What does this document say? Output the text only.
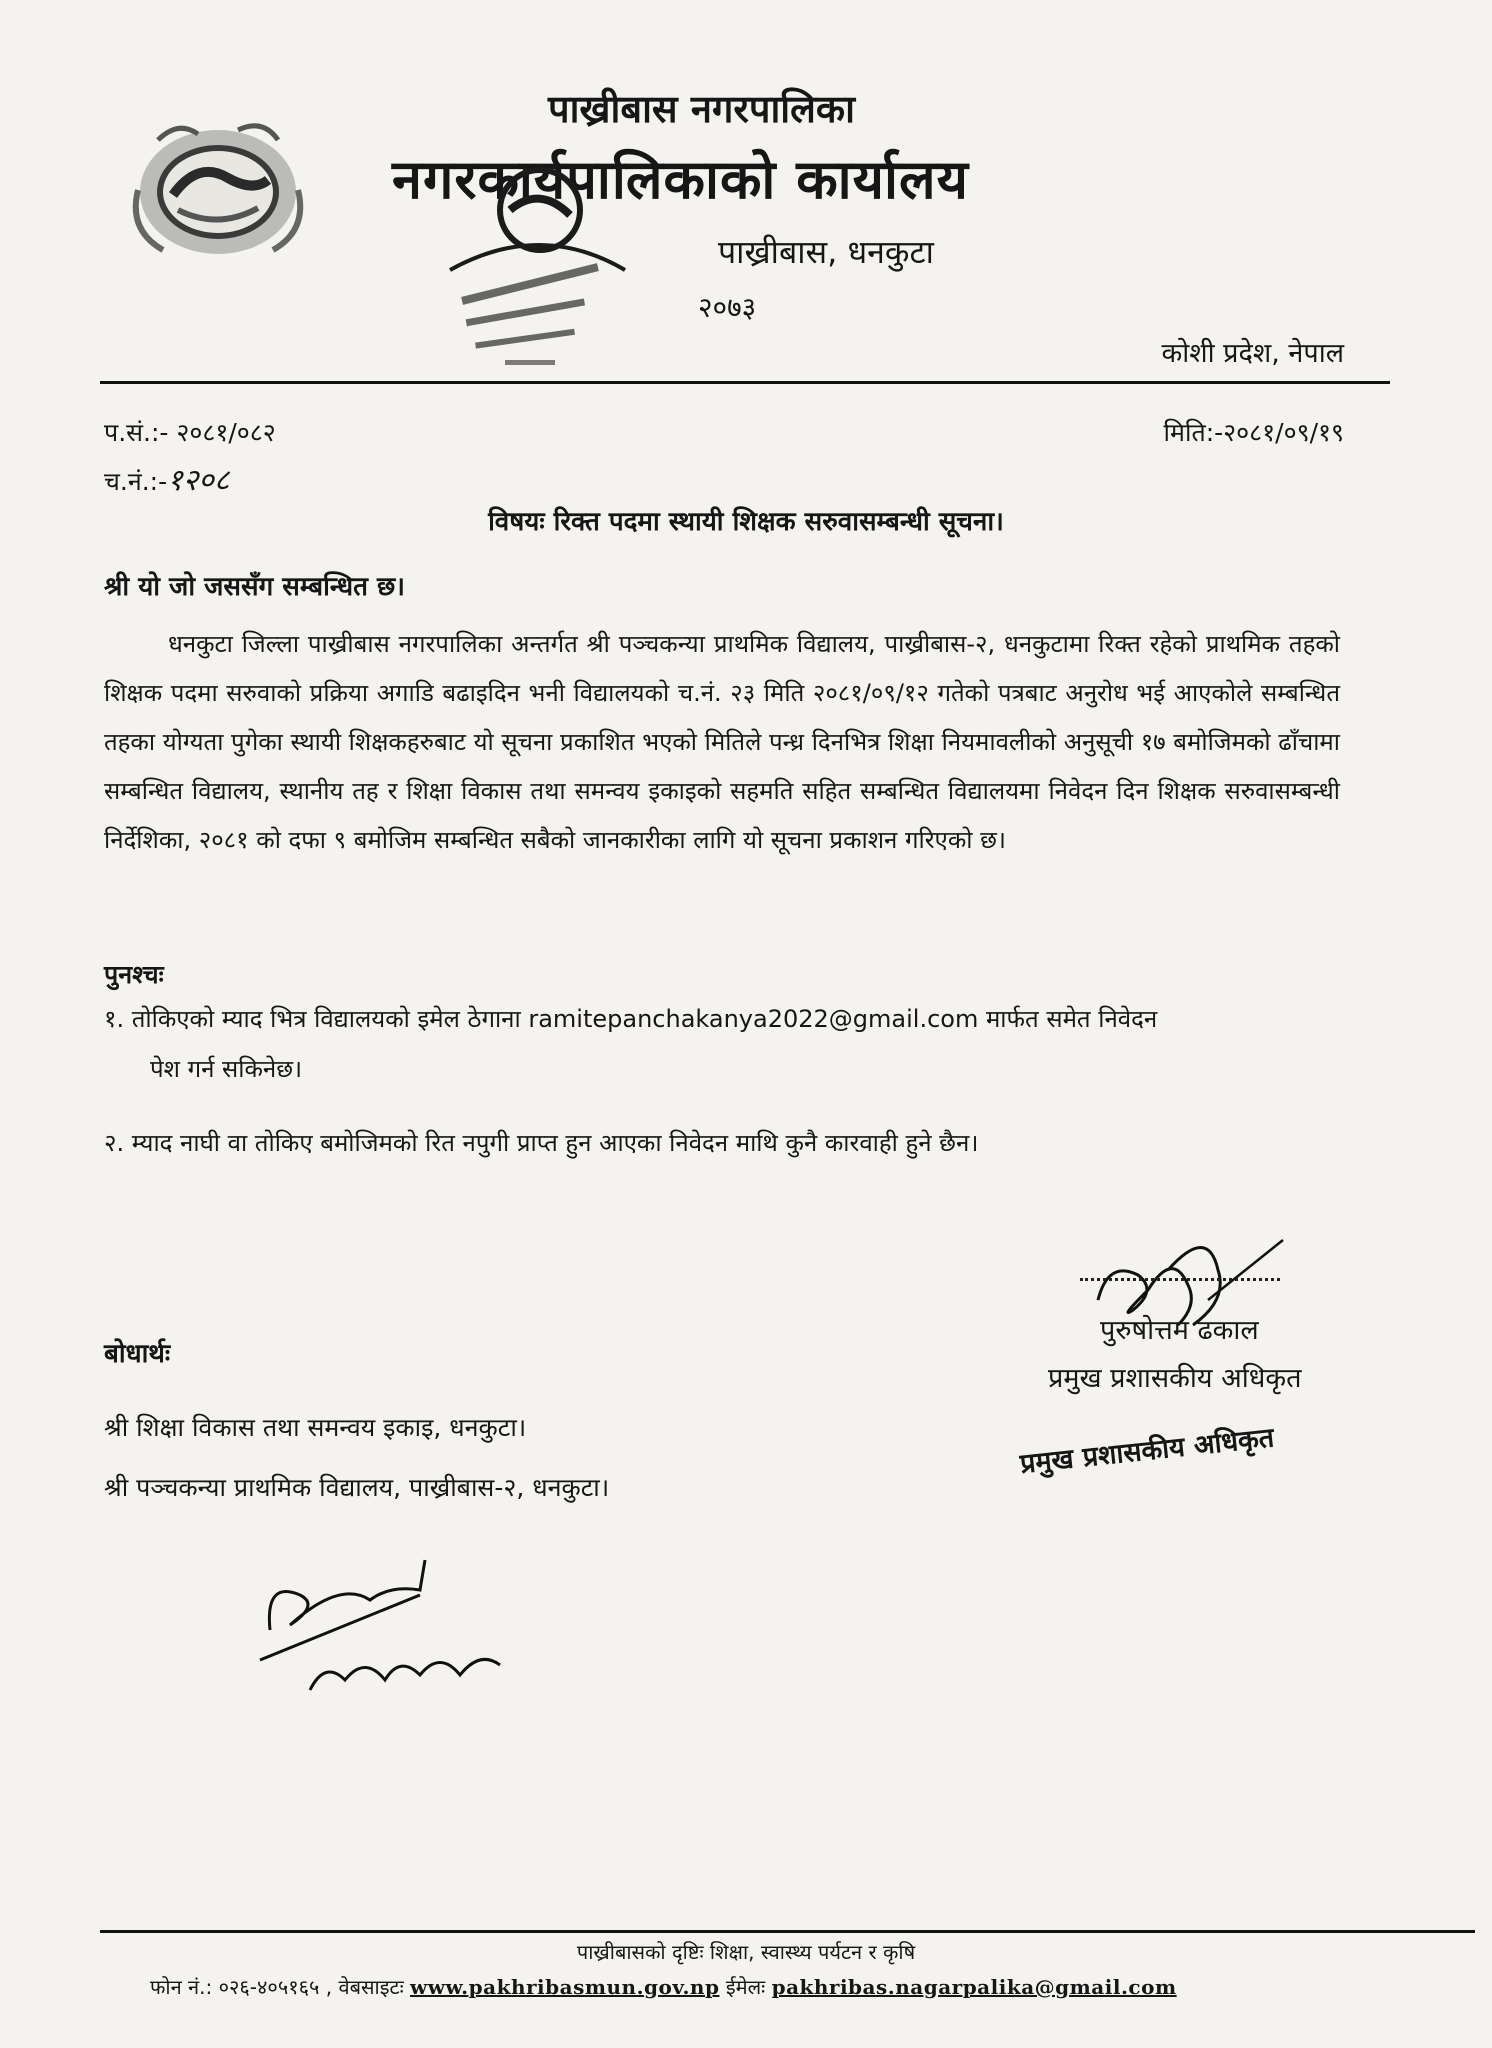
पाख्रीबास नगरपालिका
नगरकार्यपालिकाको कार्यालय
पाख्रीबास, धनकुटा
२०७३
कोशी प्रदेश, नेपाल
प.सं.:- २०८१/०८२	मिति:-२०८१/०९/१९
च.नं.:-१२०८
विषयः रिक्त पदमा स्थायी शिक्षक सरुवासम्बन्धी सूचना।
श्री यो जो जससँग सम्बन्धित छ।

धनकुटा जिल्ला पाख्रीबास नगरपालिका अन्तर्गत श्री पञ्चकन्या प्राथमिक विद्यालय, पाख्रीबास-२, धनकुटामा रिक्त रहेको प्राथमिक तहको शिक्षक पदमा सरुवाको प्रक्रिया अगाडि बढाइदिन भनी विद्यालयको च.नं. २३ मिति २०८१/०९/१२ गतेको पत्रबाट अनुरोध भई आएकोले सम्बन्धित तहका योग्यता पुगेका स्थायी शिक्षकहरुबाट यो सूचना प्रकाशित भएको मितिले पन्ध्र दिनभित्र शिक्षा नियमावलीको अनुसूची १७ बमोजिमको ढाँचामा सम्बन्धित विद्यालय, स्थानीय तह र शिक्षा विकास तथा समन्वय इकाइको सहमति सहित सम्बन्धित विद्यालयमा निवेदन दिन शिक्षक सरुवासम्बन्धी निर्देशिका, २०८१ को दफा ९ बमोजिम सम्बन्धित सबैको जानकारीका लागि यो सूचना प्रकाशन गरिएको छ।

पुनश्चः
१. तोकिएको म्याद भित्र विद्यालयको इमेल ठेगाना ramitepanchakanya2022@gmail.com मार्फत समेत निवेदन
पेश गर्न सकिनेछ।
२. म्याद नाघी वा तोकिए बमोजिमको रित नपुगी प्राप्त हुन आएका निवेदन माथि कुनै कारवाही हुने छैन।
पुरुषोत्तम ढकाल
प्रमुख प्रशासकीय अधिकृत
प्रमुख प्रशासकीय अधिकृत
बोधार्थः
श्री शिक्षा विकास तथा समन्वय इकाइ, धनकुटा।
श्री पञ्चकन्या प्राथमिक विद्यालय, पाख्रीबास-२, धनकुटा।
पाख्रीबासको दृष्टिः शिक्षा, स्वास्थ्य पर्यटन र कृषि
फोन नं.: ०२६-४०५१६५ , वेबसाइटः www.pakhribasmun.gov.np ईमेलः pakhribas.nagarpalika@gmail.com
